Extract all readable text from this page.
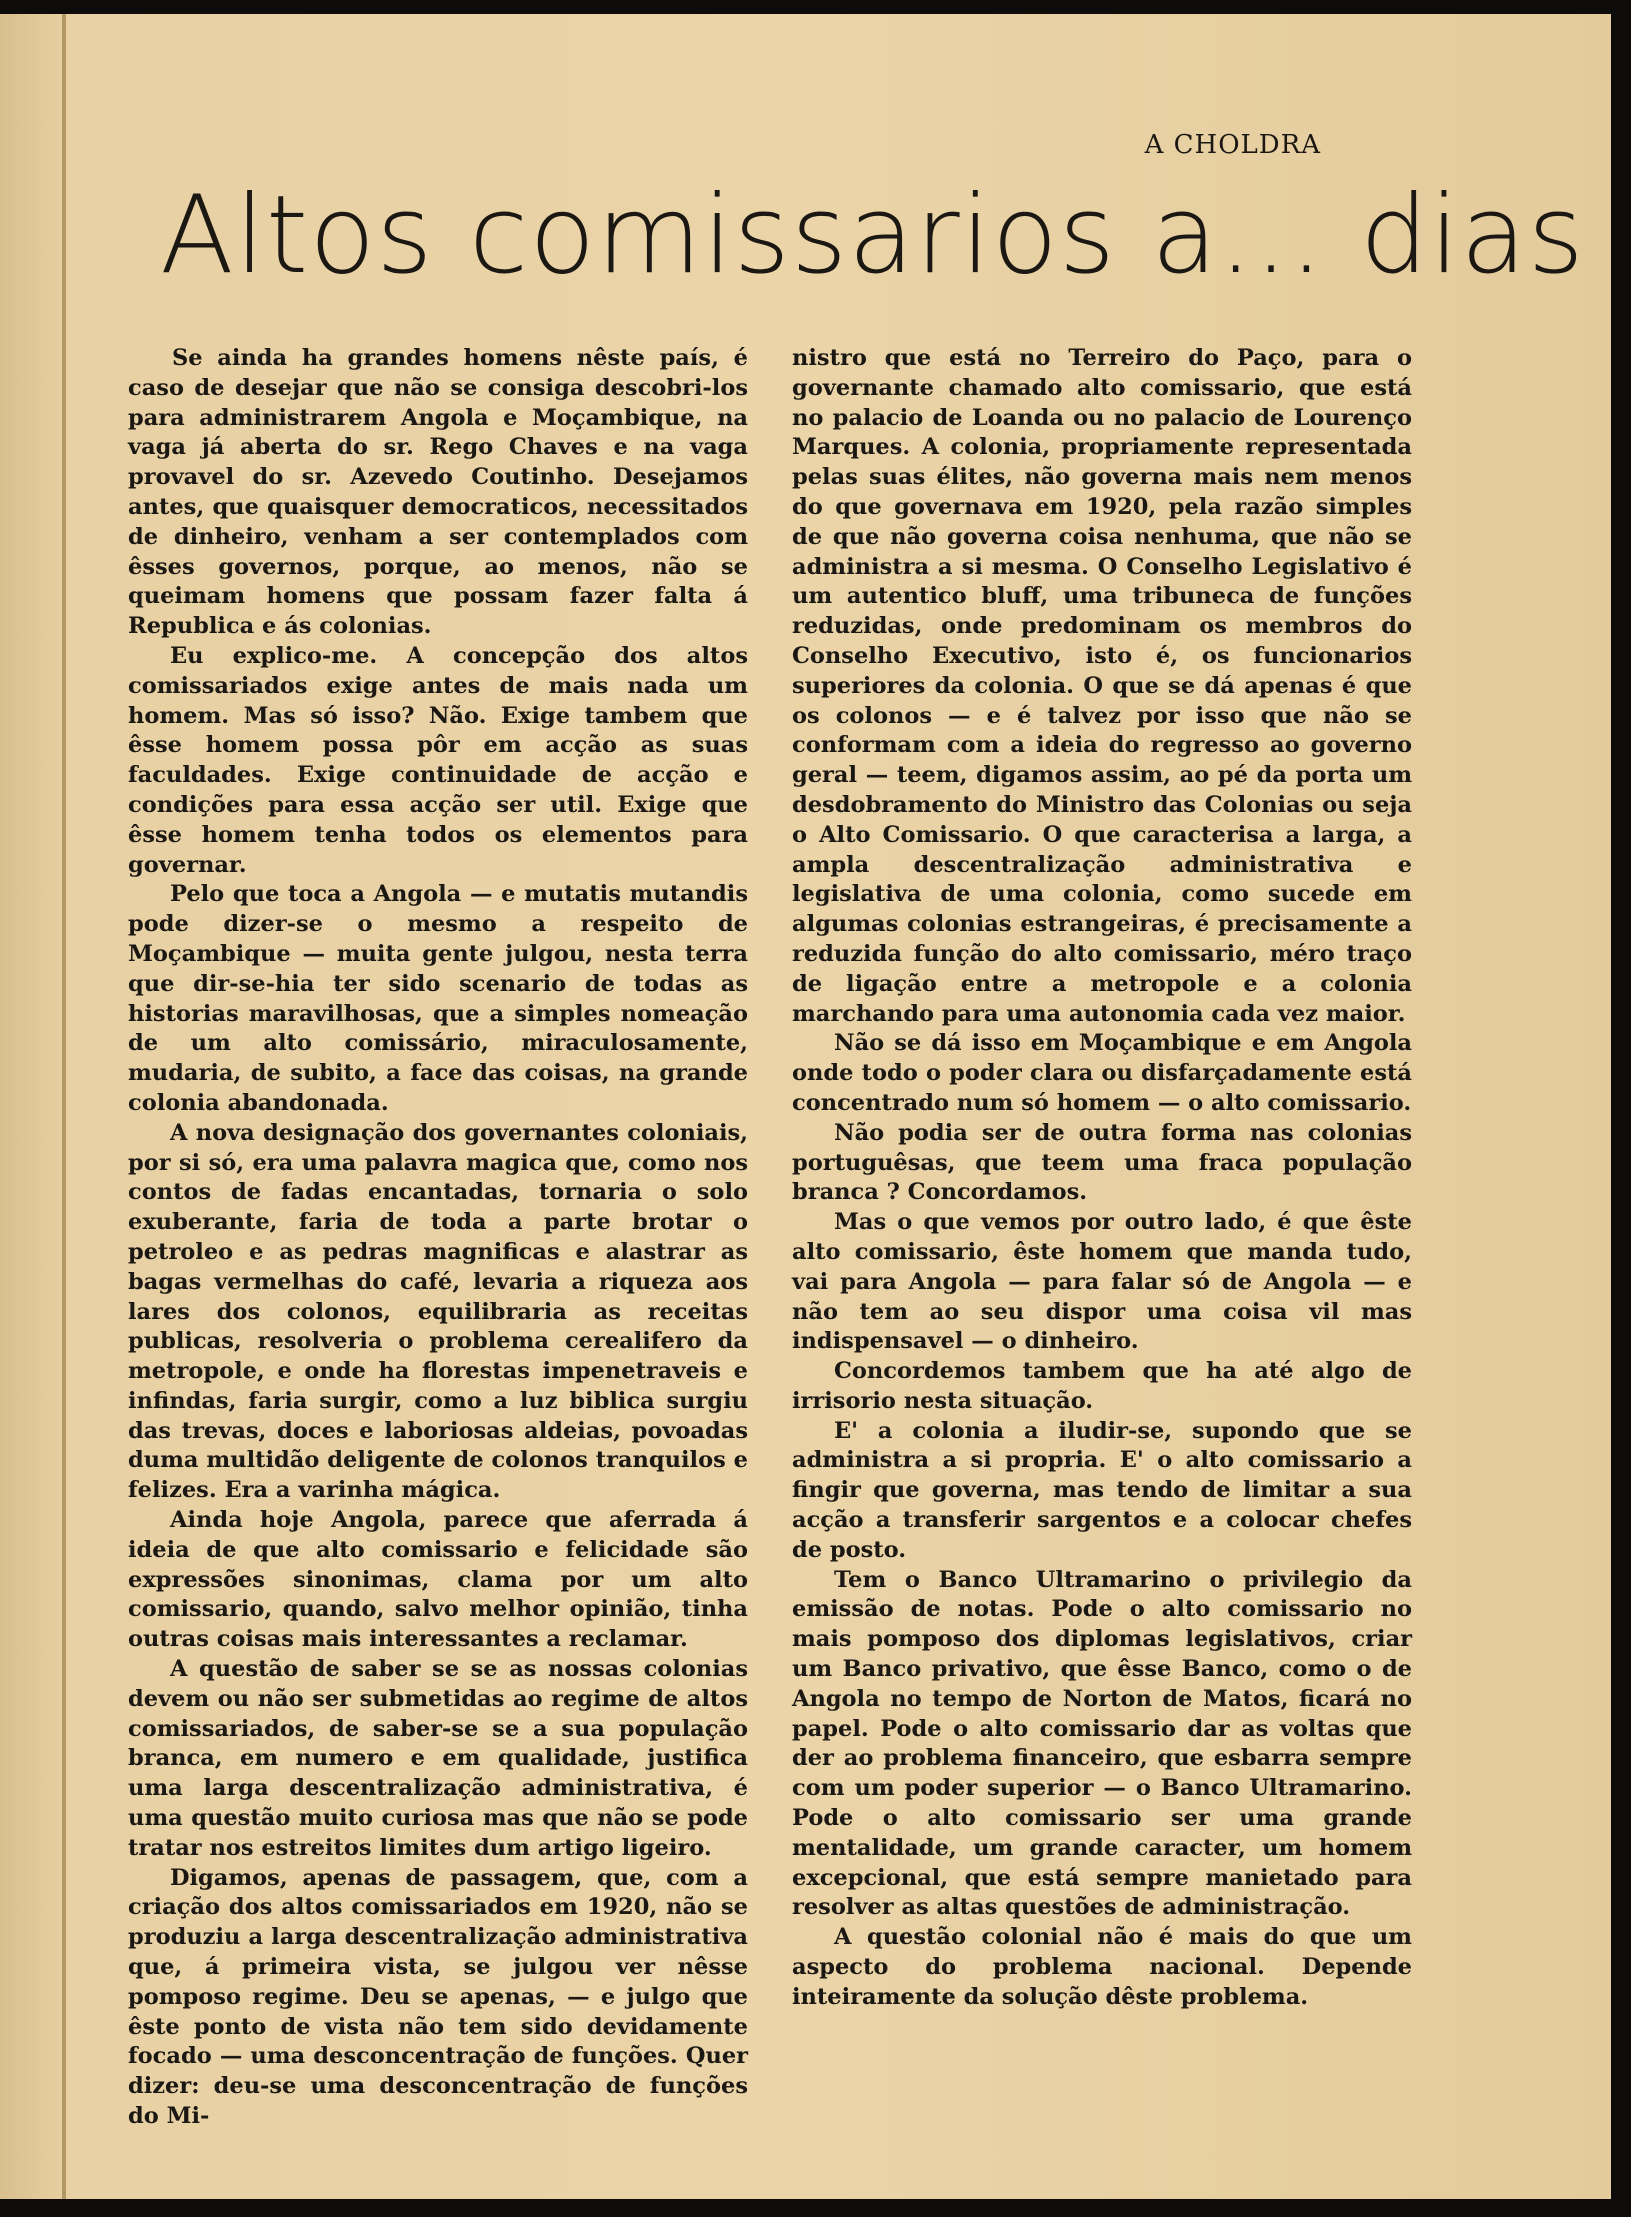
A CHOLDRA
Altos comissarios a... dias

Se ainda ha grandes homens nêste país, é caso de desejar que não se consiga descobri-los para administrarem Angola e Moçambique, na vaga já aberta do sr. Rego Chaves e na vaga provavel do sr. Azevedo Coutinho. Desejamos antes, que quaisquer democraticos, necessitados de dinheiro, venham a ser contemplados com êsses governos, porque, ao menos, não se queimam homens que possam fazer falta á Republica e ás colonias.

Eu explico-me. A concepção dos altos comissariados exige antes de mais nada um homem. Mas só isso? Não. Exige tambem que êsse homem possa pôr em acção as suas faculdades. Exige continuidade de acção e condições para essa acção ser util. Exige que êsse homem tenha todos os elementos para governar.

Pelo que toca a Angola — e mutatis mutandis pode dizer-se o mesmo a respeito de Moçambique — muita gente julgou, nesta terra que dir-se-hia ter sido scenario de todas as historias maravilhosas, que a simples nomeação de um alto comissário, miraculosamente, mudaria, de subito, a face das coisas, na grande colonia abandonada.

A nova designação dos governantes coloniais, por si só, era uma palavra magica que, como nos contos de fadas encantadas, tornaria o solo exuberante, faria de toda a parte brotar o petroleo e as pedras magnificas e alastrar as bagas vermelhas do café, levaria a riqueza aos lares dos colonos, equilibraria as receitas publicas, resolveria o problema cerealifero da metropole, e onde ha florestas impenetraveis e infindas, faria surgir, como a luz biblica surgiu das trevas, doces e laboriosas aldeias, povoadas duma multidão deligente de colonos tranquilos e felizes. Era a varinha mágica.

Ainda hoje Angola, parece que aferrada á ideia de que alto comissario e felicidade são expressões sinonimas, clama por um alto comissario, quando, salvo melhor opinião, tinha outras coisas mais interessantes a reclamar.

A questão de saber se se as nossas colonias devem ou não ser submetidas ao regime de altos comissariados, de saber-se se a sua população branca, em numero e em qualidade, justifica uma larga descentralização administrativa, é uma questão muito curiosa mas que não se pode tratar nos estreitos limites dum artigo ligeiro.

Digamos, apenas de passagem, que, com a criação dos altos comissariados em 1920, não se produziu a larga descentralização administrativa que, á primeira vista, se julgou ver nêsse pomposo regime. Deu se apenas, — e julgo que êste ponto de vista não tem sido devidamente focado — uma desconcentração de funções. Quer dizer: deu-se uma desconcentração de funções do Mi-

nistro que está no Terreiro do Paço, para o governante chamado alto comissario, que está no palacio de Loanda ou no palacio de Lourenço Marques. A colonia, propriamente representada pelas suas élites, não governa mais nem menos do que governava em 1920, pela razão simples de que não governa coisa nenhuma, que não se administra a si mesma. O Conselho Legislativo é um autentico bluff, uma tribuneca de funções reduzidas, onde predominam os membros do Conselho Executivo, isto é, os funcionarios superiores da colonia. O que se dá apenas é que os colonos — e é talvez por isso que não se conformam com a ideia do regresso ao governo geral — teem, digamos assim, ao pé da porta um desdobramento do Ministro das Colonias ou seja o Alto Comissario. O que caracterisa a larga, a ampla descentralização administrativa e legislativa de uma colonia, como sucede em algumas colonias estrangeiras, é precisamente a reduzida função do alto comissario, méro traço de ligação entre a metropole e a colonia marchando para uma autonomia cada vez maior.

Não se dá isso em Moçambique e em Angola onde todo o poder clara ou disfarçadamente está concentrado num só homem — o alto comissario.

Não podia ser de outra forma nas colonias portuguêsas, que teem uma fraca população branca ? Concordamos.

Mas o que vemos por outro lado, é que êste alto comissario, êste homem que manda tudo, vai para Angola — para falar só de Angola — e não tem ao seu dispor uma coisa vil mas indispensavel — o dinheiro.

Concordemos tambem que ha até algo de irrisorio nesta situação.

E' a colonia a iludir-se, supondo que se administra a si propria. E' o alto comissario a fingir que governa, mas tendo de limitar a sua acção a transferir sargentos e a colocar chefes de posto.

Tem o Banco Ultramarino o privilegio da emissão de notas. Pode o alto comissario no mais pomposo dos diplomas legislativos, criar um Banco privativo, que êsse Banco, como o de Angola no tempo de Norton de Matos, ficará no papel. Pode o alto comissario dar as voltas que der ao problema financeiro, que esbarra sempre com um poder superior — o Banco Ultramarino. Pode o alto comissario ser uma grande mentalidade, um grande caracter, um homem excepcional, que está sempre manietado para resolver as altas questões de administração.

A questão colonial não é mais do que um aspecto do problema nacional. Depende inteiramente da solução dêste problema.
